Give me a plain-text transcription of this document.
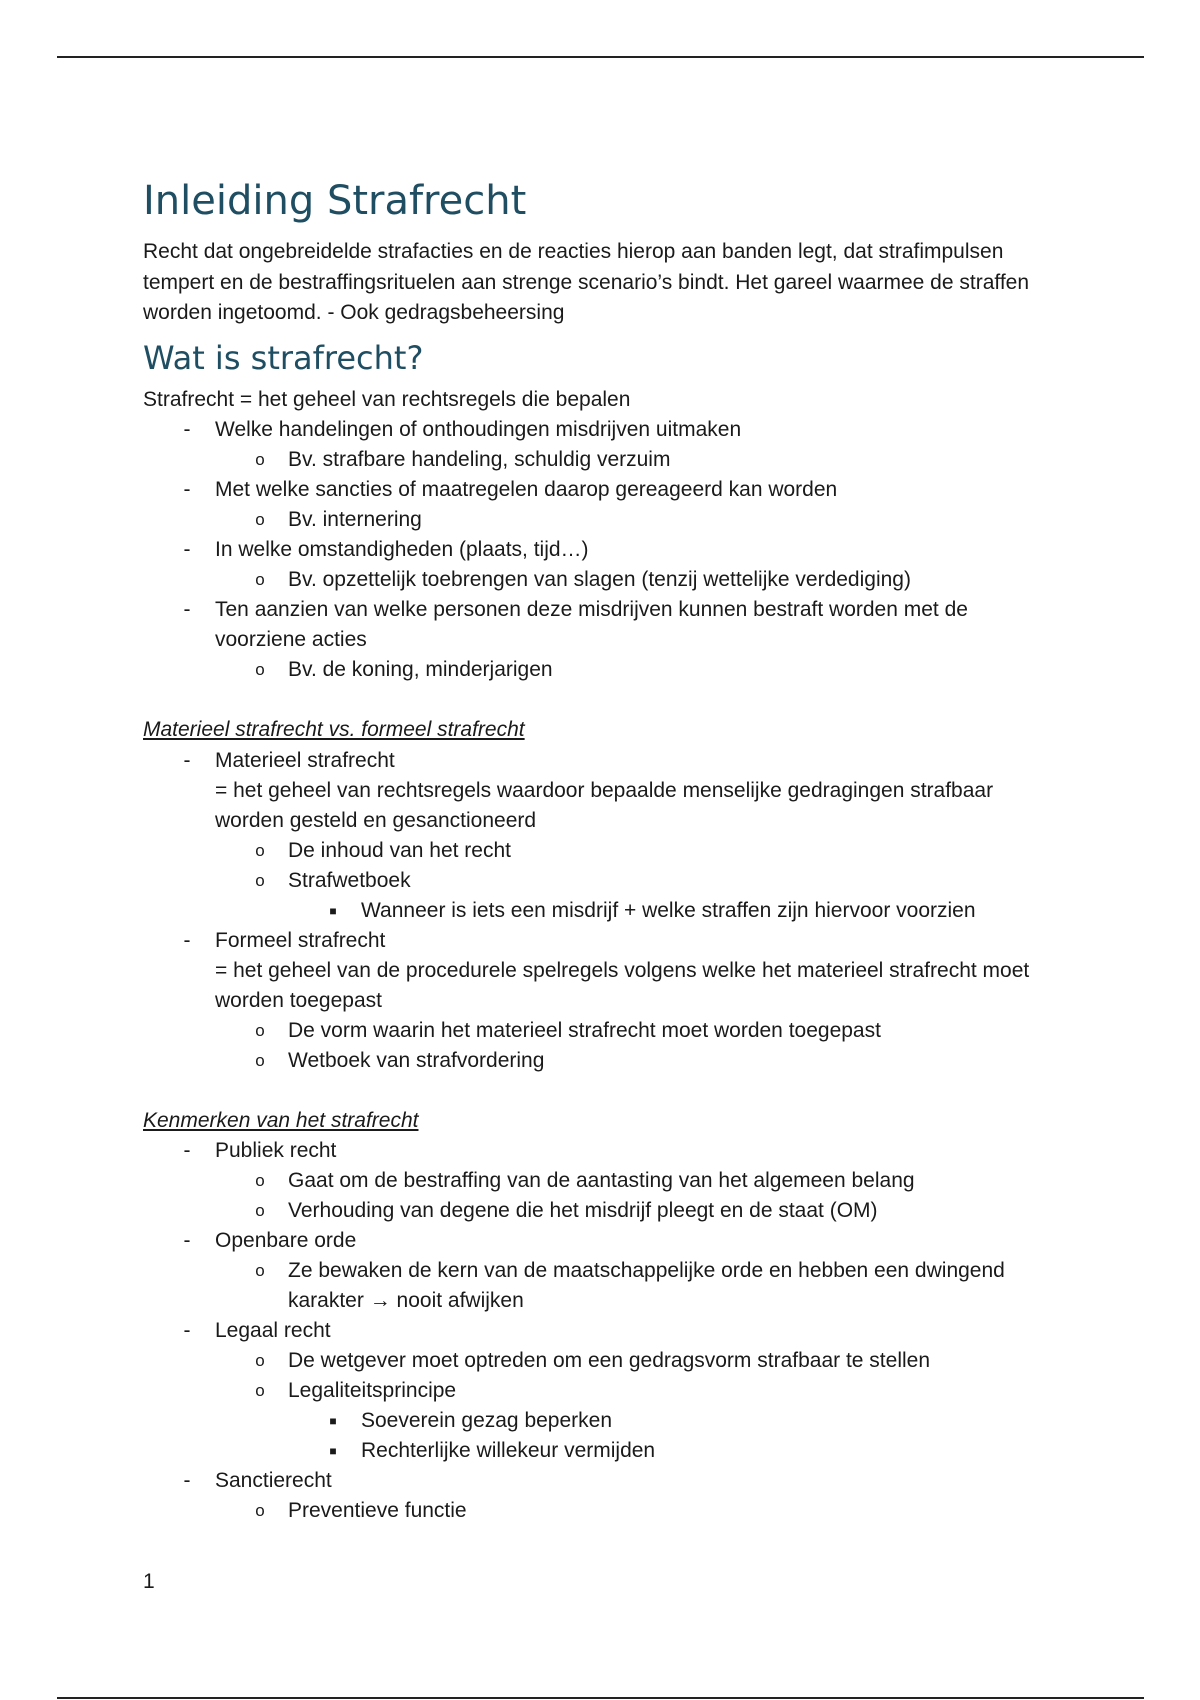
Inleiding Strafrecht

Recht dat ongebreidelde strafacties en de reacties hierop aan banden legt, dat strafimpulsen tempert en de bestraffingsrituelen aan strenge scenario’s bindt. Het gareel waarmee de straffen worden ingetoomd. - Ook gedragsbeheersing

Wat is strafrecht?

Strafrecht = het geheel van rechtsregels die bepalen

-	Welke handelingen of onthoudingen misdrijven uitmaken
o Bv. strafbare handeling, schuldig verzuim
-	Met welke sancties of maatregelen daarop gereageerd kan worden
o Bv. internering
-	In welke omstandigheden (plaats, tijd…)
o Bv. opzettelijk toebrengen van slagen (tenzij wettelijke verdediging)
-	Ten aanzien van welke personen deze misdrijven kunnen bestraft worden met de voorziene acties
o Bv. de koning, minderjarigen
Materieel strafrecht vs. formeel strafrecht
-	Materieel strafrecht
= het geheel van rechtsregels waardoor bepaalde menselijke gedragingen strafbaar worden gesteld en gesanctioneerd
o De inhoud van het recht
o Strafwetboek
■	Wanneer is iets een misdrijf + welke straffen zijn hiervoor voorzien
-	Formeel strafrecht
= het geheel van de procedurele spelregels volgens welke het materieel strafrecht moet worden toegepast
o De vorm waarin het materieel strafrecht moet worden toegepast
o Wetboek van strafvordering
Kenmerken van het strafrecht
-	Publiek recht
o Gaat om de bestraffing van de aantasting van het algemeen belang
o Verhouding van degene die het misdrijf pleegt en de staat (OM)
-	Openbare orde
o Ze bewaken de kern van de maatschappelijke orde en hebben een dwingend karakter → nooit afwijken
-	Legaal recht
o De wetgever moet optreden om een gedragsvorm strafbaar te stellen
o Legaliteitsprincipe
■	Soeverein gezag beperken
■	Rechterlijke willekeur vermijden
-	Sanctierecht
o Preventieve functie
1
